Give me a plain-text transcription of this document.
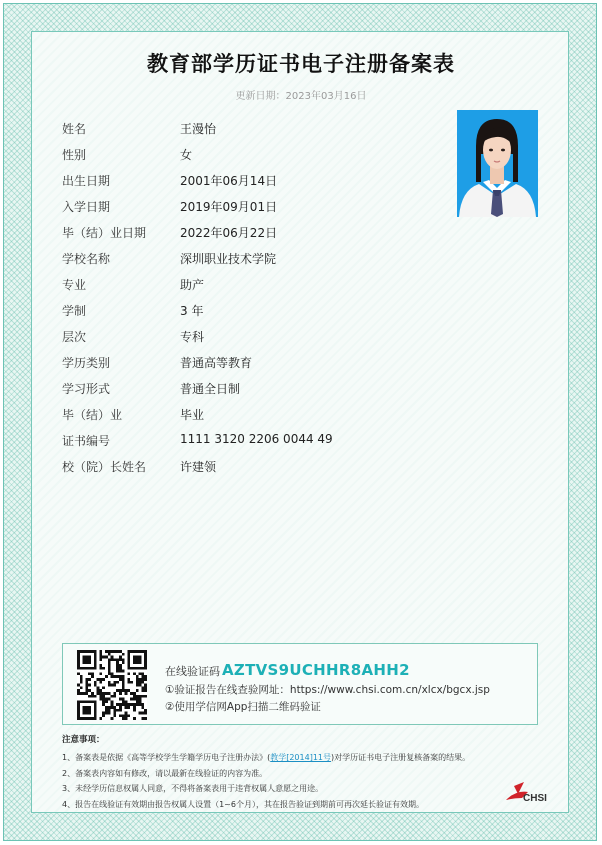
教育部学历证书电子注册备案表
更新日期：2023年03月16日
姓名	王漫怡
性别	女
出生日期	2001年06月14日
入学日期	2019年09月01日
毕（结）业日期	2022年06月22日
学校名称	深圳职业技术学院
专业	助产
学制	3 年
层次	专科
学历类别	普通高等教育
学习形式	普通全日制
毕（结）业	毕业
证书编号	1111 3120 2206 0044 49
校（院）长姓名	许建领
在线验证码 AZTVS9UCHHR8AHH2
①验证报告在线查验网址：https://www.chsi.com.cn/xlcx/bgcx.jsp
②使用学信网App扫描二维码验证
注意事项：
1、备案表是依据《高等学校学生学籍学历电子注册办法》(教学[2014]11号)对学历证书电子注册复核备案的结果。
2、备案表内容如有修改，请以最新在线验证的内容为准。
3、未经学历信息权属人同意，不得将备案表用于违背权属人意愿之用途。
4、报告在线验证有效期由报告权属人设置（1~6个月），其在报告验证到期前可再次延长验证有效期。	CHSI
